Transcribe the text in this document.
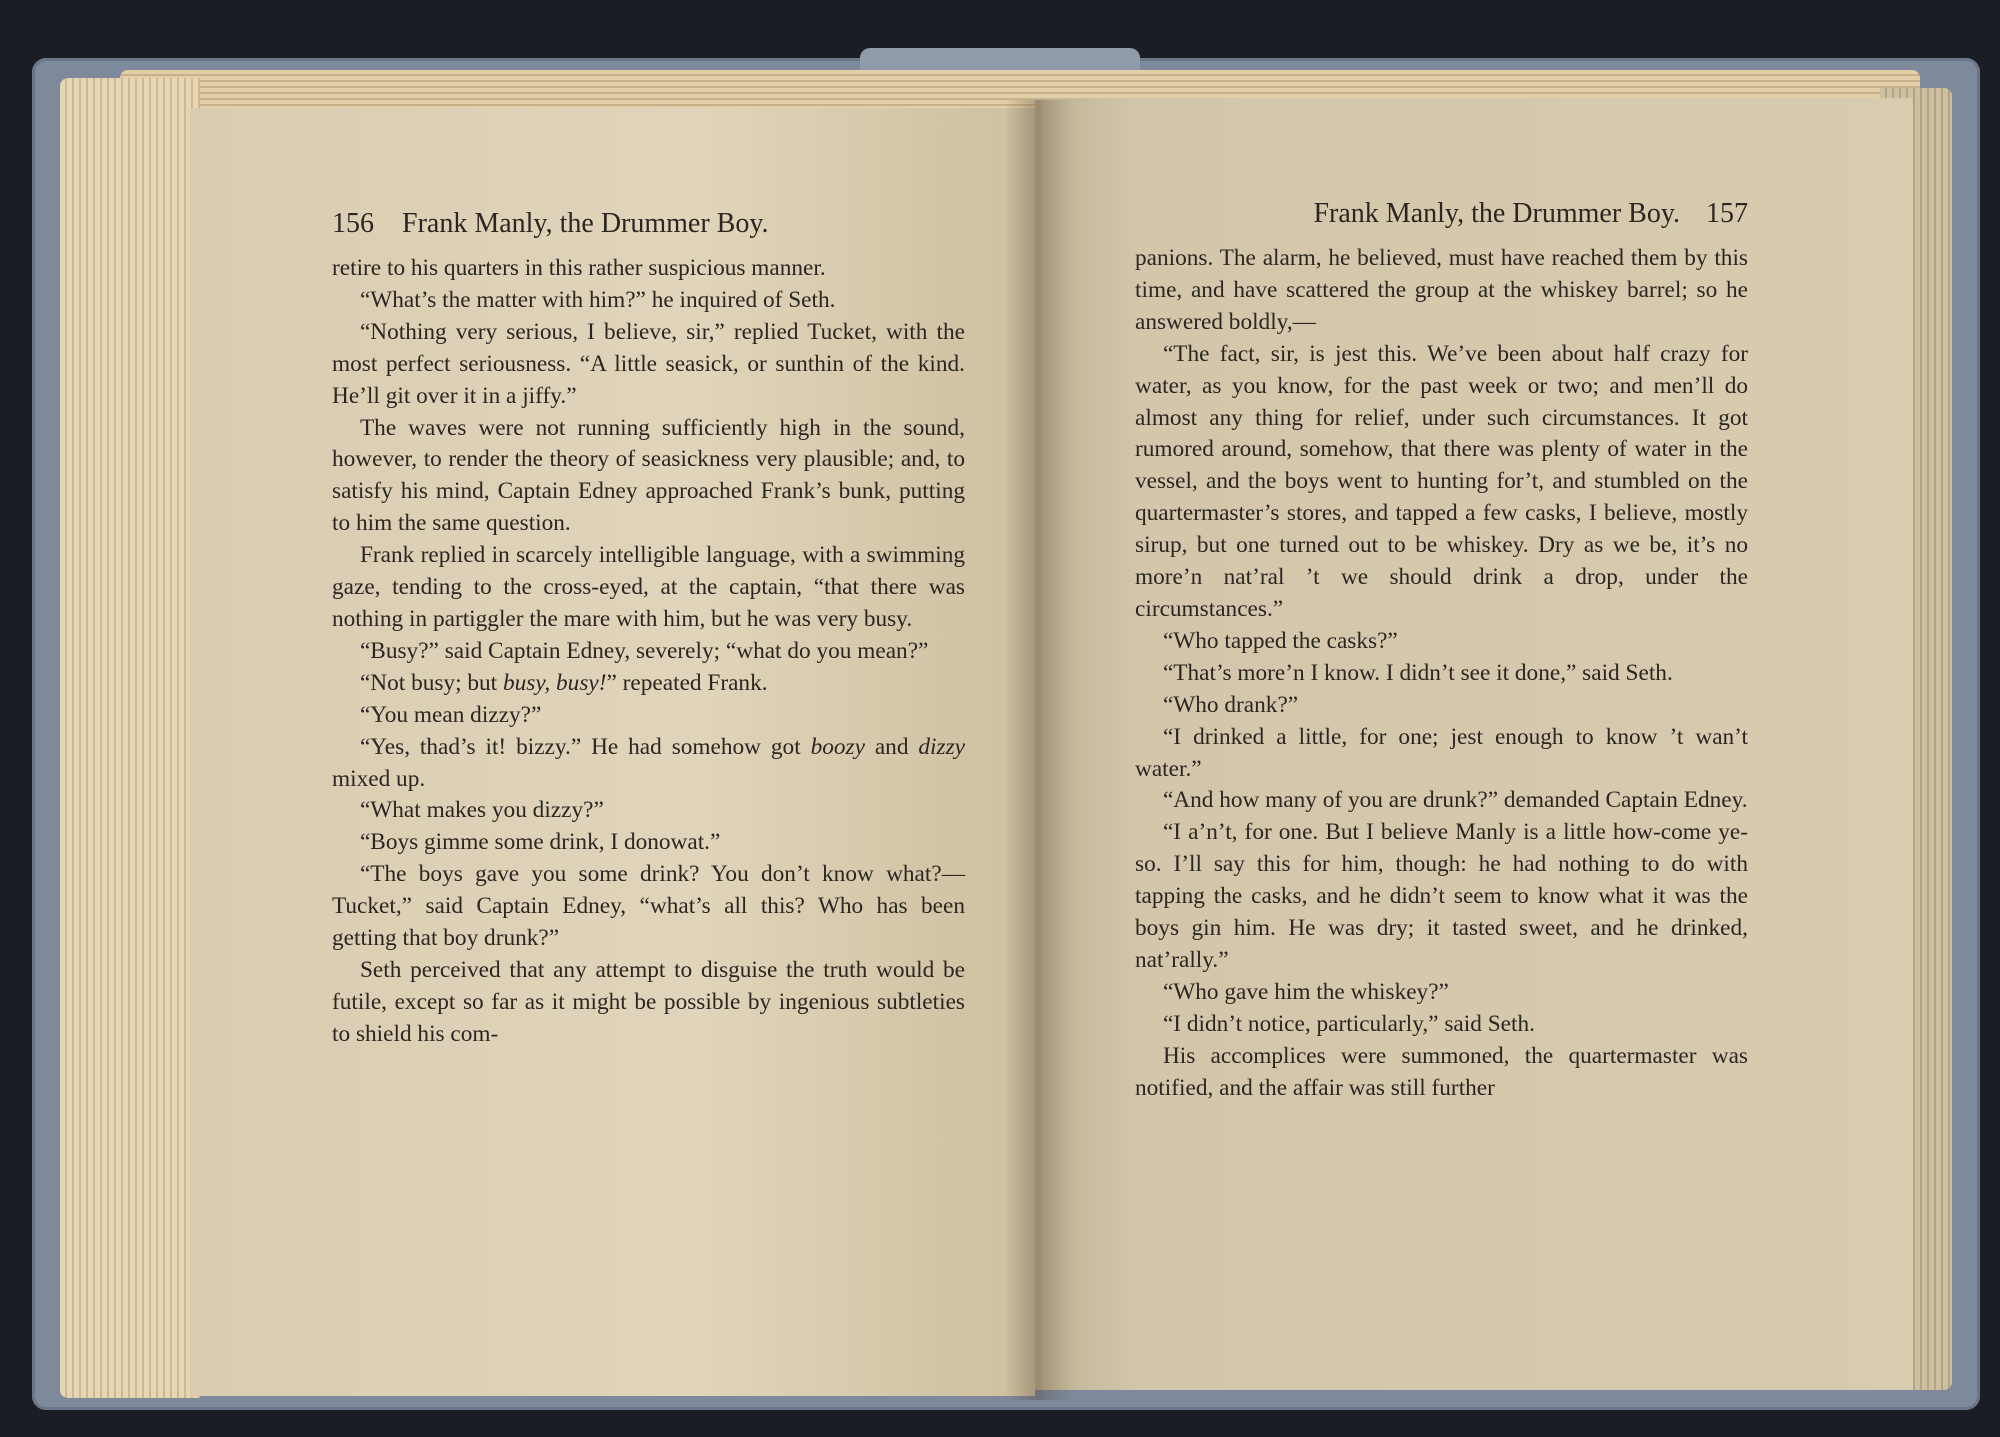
156 Frank Manly, the Drummer Boy.

retire to his quarters in this rather suspicious manner.

“What’s the matter with him?” he inquired of Seth.

“Nothing very serious, I believe, sir,” replied Tucket, with the most perfect seriousness. “A little seasick, or sunthin of the kind. He’ll git over it in a jiffy.”

The waves were not running sufficiently high in the sound, however, to render the theory of seasickness very plausible; and, to satisfy his mind, Captain Edney approached Frank’s bunk, putting to him the same question.

Frank replied in scarcely intelligible language, with a swimming gaze, tending to the cross-eyed, at the captain, “that there was nothing in partiggler the mare with him, but he was very busy.

“Busy?” said Captain Edney, severely; “what do you mean?”

“Not busy; but busy, busy!” repeated Frank.

“You mean dizzy?”

“Yes, thad’s it! bizzy.” He had somehow got boozy and dizzy mixed up.

“What makes you dizzy?”

“Boys gimme some drink, I donowat.”

“The boys gave you some drink? You don’t know what?—Tucket,” said Captain Edney, “what’s all this? Who has been getting that boy drunk?”

Seth perceived that any attempt to disguise the truth would be futile, except so far as it might be possible by ingenious subtleties to shield his com-

Frank Manly, the Drummer Boy. 157

panions. The alarm, he believed, must have reached them by this time, and have scattered the group at the whiskey barrel; so he answered boldly,—

“The fact, sir, is jest this. We’ve been about half crazy for water, as you know, for the past week or two; and men’ll do almost any thing for relief, under such circumstances. It got rumored around, somehow, that there was plenty of water in the vessel, and the boys went to hunting for’t, and stumbled on the quartermaster’s stores, and tapped a few casks, I believe, mostly sirup, but one turned out to be whiskey. Dry as we be, it’s no more’n nat’ral ’t we should drink a drop, under the circumstances.”

“Who tapped the casks?”

“That’s more’n I know. I didn’t see it done,” said Seth.

“Who drank?”

“I drinked a little, for one; jest enough to know ’t wan’t water.”

“And how many of you are drunk?” demanded Captain Edney.

“I a’n’t, for one. But I believe Manly is a little how-come ye-so. I’ll say this for him, though: he had nothing to do with tapping the casks, and he didn’t seem to know what it was the boys gin him. He was dry; it tasted sweet, and he drinked, nat’rally.”

“Who gave him the whiskey?”

“I didn’t notice, particularly,” said Seth.

His accomplices were summoned, the quartermaster was notified, and the affair was still further
